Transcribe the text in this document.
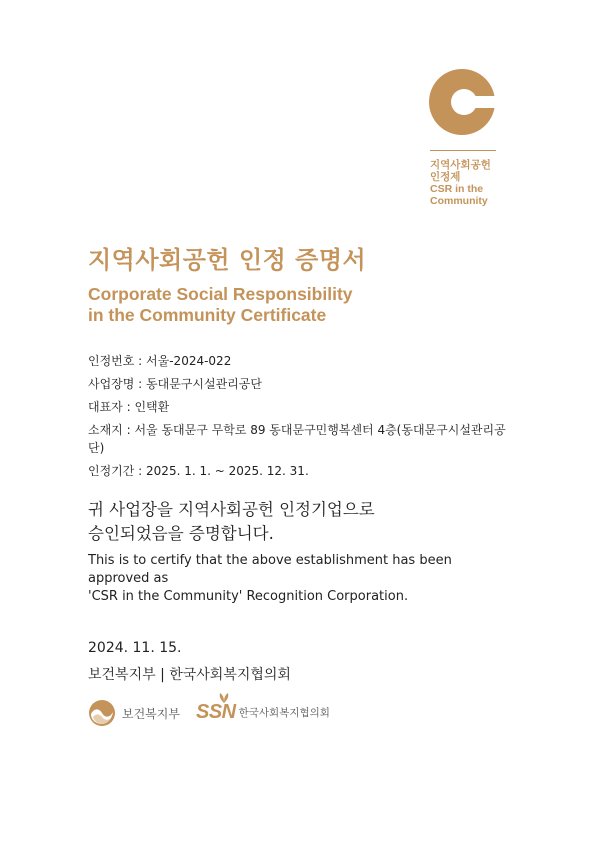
지역사회공헌
인정제
CSR in the
Community
지역사회공헌 인정 증명서
Corporate Social Responsibility
in the Community Certificate
인정번호 : 서울-2024-022
사업장명 : 동대문구시설관리공단
대표자 : 인택환
소재지 : 서울 동대문구 무학로 89 동대문구민행복센터 4층(동대문구시설관리공단)
인정기간 : 2025. 1. 1. ~ 2025. 12. 31.
귀 사업장을 지역사회공헌 인정기업으로
승인되었음을 증명합니다.
This is to certify that the above establishment has been
approved as
'CSR in the Community' Recognition Corporation.
2024. 11. 15.
보건복지부 | 한국사회복지협의회
보건복지부 SSN 한국사회복지협의회
